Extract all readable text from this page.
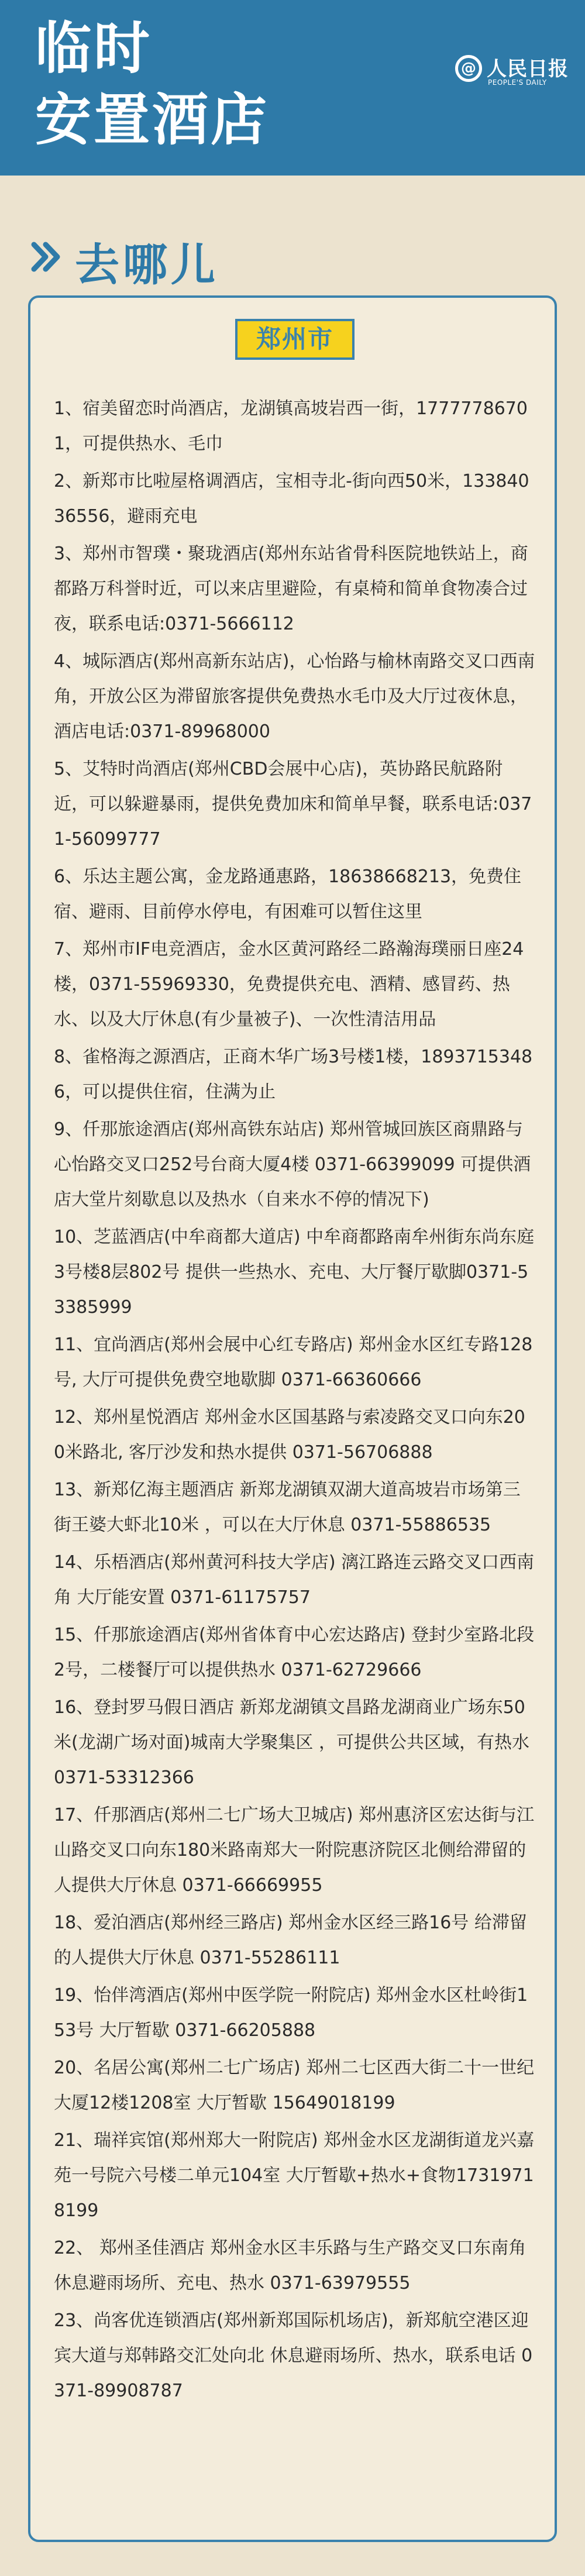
临时
安置酒店
@ 人民日报
PEOPLE'S DAILY
去哪儿
郑州市
1、宿美留恋时尚酒店，龙湖镇高坡岩西一街，17777786701，可提供热水、毛巾
2、新郑市比啦屋格调酒店，宝相寺北-街向西50米，13384036556，避雨充电
3、郑州市智璞・聚珑酒店(郑州东站省骨科医院地铁站上，商都路万科誉时近，可以来店里避险，有桌椅和简单食物凑合过夜，联系电话:0371-5666112
4、城际酒店(郑州高新东站店)，心怡路与榆林南路交叉口西南角，开放公区为滞留旅客提供免费热水毛巾及大厅过夜休息，酒店电话:0371-89968000
5、艾特时尚酒店(郑州CBD会展中心店)，英协路民航路附近，可以躲避暴雨，提供免费加床和简单早餐，联系电话:0371-56099777
6、乐达主题公寓，金龙路通惠路，18638668213，免费住宿、避雨、目前停水停电，有困难可以暂住这里
7、郑州市IF电竞酒店，金水区黄河路经二路瀚海璞丽日座24楼，0371-55969330，免费提供充电、酒精、感冒药、热水、以及大厅休息(有少量被子)、一次性清洁用品
8、雀格海之源酒店，正商木华广场3号楼1楼，18937153486，可以提供住宿，住满为止
9、仟那旅途酒店(郑州高铁东站店) 郑州管城回族区商鼎路与心怡路交叉口252号台商大厦4楼 0371-66399099 可提供酒店大堂片刻歇息以及热水（自来水不停的情况下)
10、芝蓝酒店(中牟商都大道店) 中牟商都路南牟州街东尚东庭3号楼8层802号 提供一些热水、充电、大厅餐厅歇脚0371-53385999
11、宜尚酒店(郑州会展中心红专路店) 郑州金水区红专路128号, 大厅可提供免费空地歇脚 0371-66360666
12、郑州星悦酒店 郑州金水区国基路与索凌路交叉口向东200米路北, 客厅沙发和热水提供 0371-56706888
13、新郑亿海主题酒店 新郑龙湖镇双湖大道高坡岩市场第三街王婆大虾北10米 ，可以在大厅休息 0371-55886535
14、乐梧酒店(郑州黄河科技大学店) 漓江路连云路交叉口西南角 大厅能安置 0371-61175757
15、仟那旅途酒店(郑州省体育中心宏达路店) 登封少室路北段2号，二楼餐厅可以提供热水 0371-62729666
16、登封罗马假日酒店 新郑龙湖镇文昌路龙湖商业广场东50米(龙湖广场对面)城南大学聚集区 ，可提供公共区域，有热水 0371-53312366
17、仟那酒店(郑州二七广场大卫城店) 郑州惠济区宏达街与江山路交叉口向东180米路南郑大一附院惠济院区北侧给滞留的人提供大厅休息 0371-66669955
18、爱泊酒店(郑州经三路店) 郑州金水区经三路16号 给滞留的人提供大厅休息 0371-55286111
19、怡伴湾酒店(郑州中医学院一附院店) 郑州金水区杜岭街153号 大厅暂歇 0371-66205888
20、名居公寓(郑州二七广场店) 郑州二七区西大街二十一世纪大厦12楼1208室 大厅暂歇 15649018199
21、瑞祥宾馆(郑州郑大一附院店) 郑州金水区龙湖街道龙兴嘉苑一号院六号楼二单元104室 大厅暂歇+热水+食物17319718199
22、 郑州圣佳酒店 郑州金水区丰乐路与生产路交叉口东南角 休息避雨场所、充电、热水 0371-63979555
23、尚客优连锁酒店(郑州新郑国际机场店)，新郑航空港区迎宾大道与郑韩路交汇处向北 休息避雨场所、热水，联系电话 0371-89908787
